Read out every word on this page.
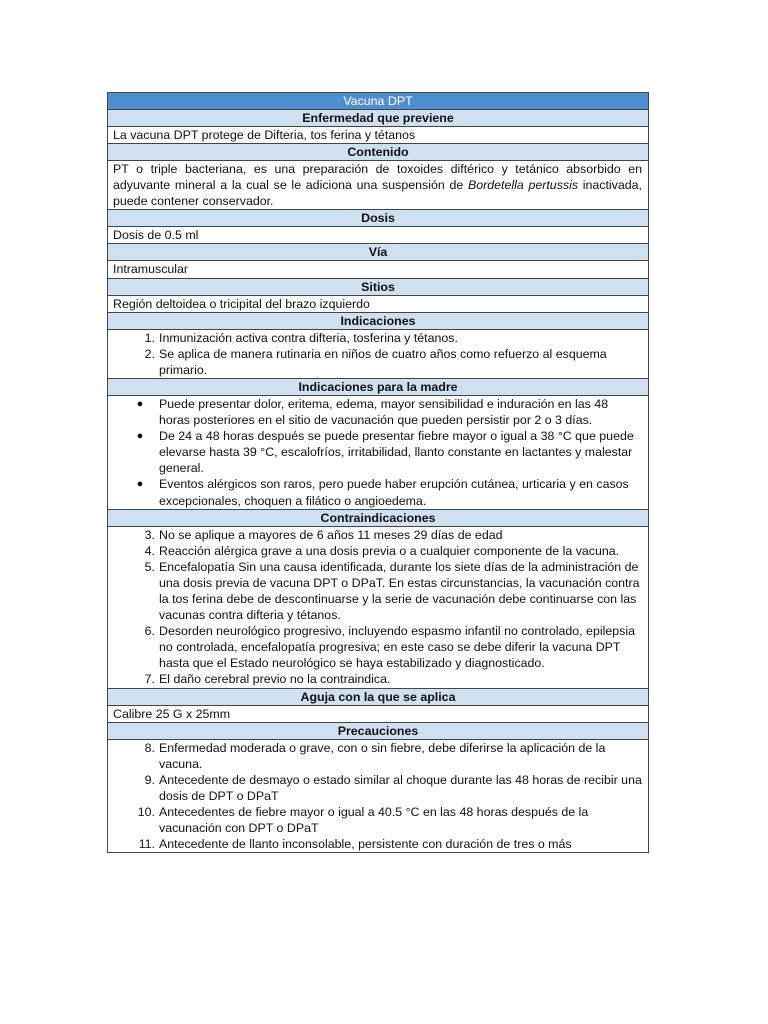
Vacuna DPT
Enfermedad que previene
La vacuna DPT protege de Difteria, tos ferina y tétanos
Contenido
PT o triple bacteriana, es una preparación de toxoides diftérico y tetánico absorbido en adyuvante mineral a la cual se le adiciona una suspensión de Bordetella pertussis inactivada, puede contener conservador.
Dosis
Dosis de 0.5 ml
Vía
Intramuscular
Sitios
Región deltoidea o tricipital del brazo izquierdo
Indicaciones

1. Inmunización activa contra difteria, tosferina y tétanos.
2. Se aplica de manera rutinaria en niños de cuatro años como refuerzo al esquema primario.

Indicaciones para la madre

● Puede presentar dolor, eritema, edema, mayor sensibilidad e induración en las 48 horas posteriores en el sitio de vacunación que pueden persistir por 2 o 3 días.
● De 24 a 48 horas después se puede presentar fiebre mayor o igual a 38 °C que puede elevarse hasta 39 °C, escalofríos, irritabilidad, llanto constante en lactantes y malestar general.
● Eventos alérgicos son raros, pero puede haber erupción cutánea, urticaria y en casos excepcionales, choquen a filático o angioedema.

Contraindicaciones

3. No se aplique a mayores de 6 años 11 meses 29 días de edad
4. Reacción alérgica grave a una dosis previa o a cualquier componente de la vacuna.
5. Encefalopatía Sin una causa identificada, durante los siete días de la administración de una dosis previa de vacuna DPT o DPaT. En estas circunstancias, la vacunación contra la tos ferina debe de descontinuarse y la serie de vacunación debe continuarse con las vacunas contra difteria y tétanos.
6. Desorden neurológico progresivo, incluyendo espasmo infantil no controlado, epilepsia no controlada, encefalopatía progresiva; en este caso se debe diferir la vacuna DPT hasta que el Estado neurológico se haya estabilizado y diagnosticado.
7. El daño cerebral previo no la contraindica.

Aguja con la que se aplica
Calibre 25 G x 25mm
Precauciones

8. Enfermedad moderada o grave, con o sin fiebre, debe diferirse la aplicación de la vacuna.
9. Antecedente de desmayo o estado similar al choque durante las 48 horas de recibir una dosis de DPT o DPaT
10. Antecedentes de fiebre mayor o igual a 40.5 °C en las 48 horas después de la vacunación con DPT o DPaT
11. Antecedente de llanto inconsolable, persistente con duración de tres o más
